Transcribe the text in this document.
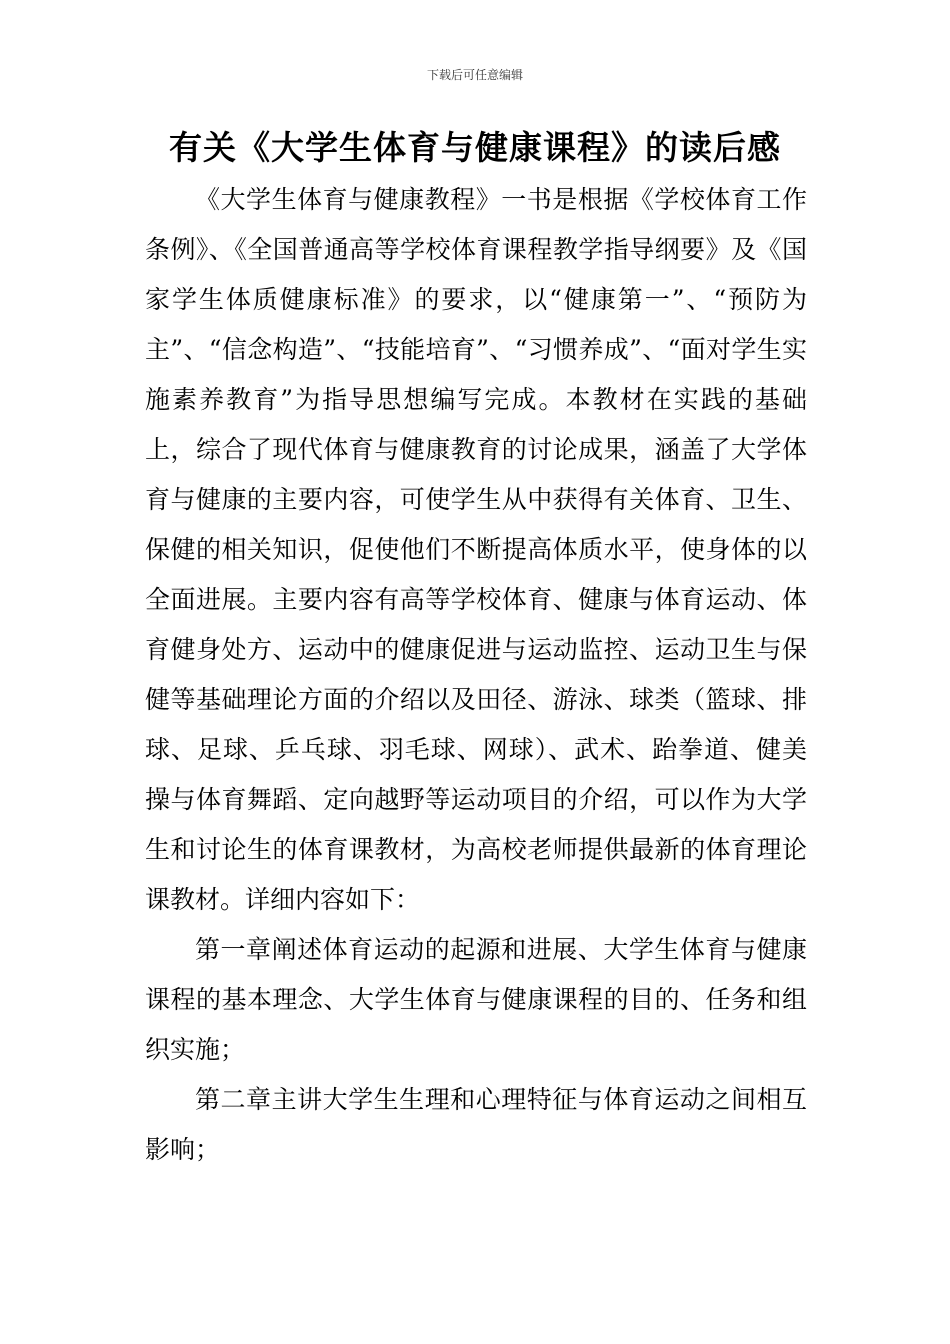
下载后可任意编辑

有关《大学生体育与健康课程》的读后感

《大学生体育与健康教程》一书是根据《学校体育工作条例》、《全国普通高等学校体育课程教学指导纲要》及《国家学生体质健康标准》的要求，以“健康第一”、“预防为主”、“信念构造”、“技能培育”、“习惯养成”、“面对学生实施素养教育”为指导思想编写完成。本教材在实践的基础上，综合了现代体育与健康教育的讨论成果，涵盖了大学体育与健康的主要内容，可使学生从中获得有关体育、卫生、保健的相关知识，促使他们不断提高体质水平，使身体的以全面进展。主要内容有高等学校体育、健康与体育运动、体育健身处方、运动中的健康促进与运动监控、运动卫生与保健等基础理论方面的介绍以及田径、游泳、球类（篮球、排球、足球、乒乓球、羽毛球、网球）、武术、跆拳道、健美操与体育舞蹈、定向越野等运动项目的介绍，可以作为大学生和讨论生的体育课教材，为高校老师提供最新的体育理论课教材。详细内容如下：

第一章阐述体育运动的起源和进展、大学生体育与健康课程的基本理念、大学生体育与健康课程的目的、任务和组织实施；

第二章主讲大学生生理和心理特征与体育运动之间相互影响；
